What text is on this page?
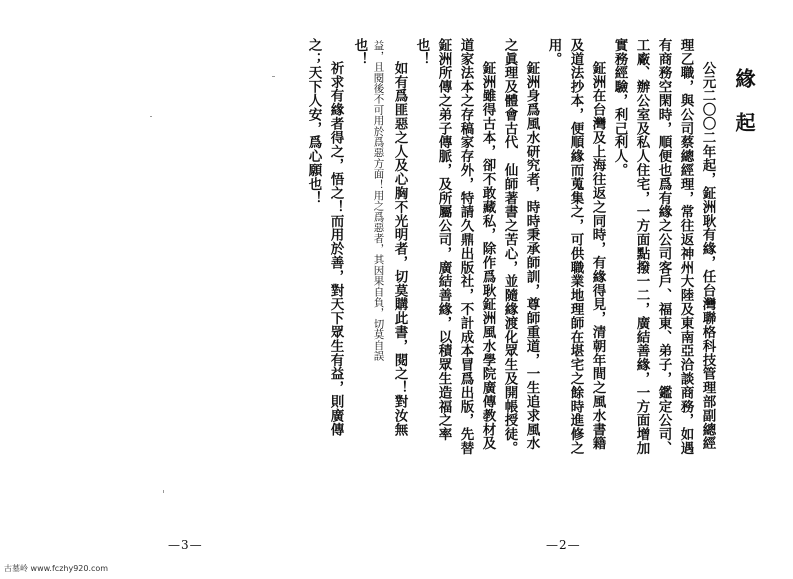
緣起
公元二〇〇二年起，鉦洲耿有緣，任台灣聯格科技管理部副總經
理乙職，與公司蔡總經理，常往返神州大陸及東南亞洽談商務，如遇
有商務空閑時，順便也爲有緣之公司客戶、福東、弟子，鑑定公司、
工廠、辦公室及私人住宅，一方面點撥一二，廣結善緣，一方面增加
實務經驗，利己利人。
鉦洲在台灣及上海往返之同時，有緣得見，清朝年間之風水書籍
及道法抄本，便順緣而蒐集之，可供職業地理師在堪宅之餘時進修之
用。
鉦洲身爲風水研究者，時時秉承師訓，尊師重道，一生追求風水
之眞理及體會古代　仙師著書之苦心，並隨緣渡化眾生及開帳授徒。
鉦洲雖得古本，卻不敢藏私，除作爲耿鉦洲風水學院廣傳教材及
道家法本之存稿家存外，特請久鼎出版社，不計成本冒爲出版，先替
鉦洲所傳之弟子傳脈，及所屬公司，廣結善緣，以積眾生造福之率
也！
如有爲匪惡之人及心胸不光明者，切莫購此書，閱之！對汝無
益，且閱後不可用於爲惡方面！用之爲惡者，其因果自負，切莫自誤
也！
祈求有緣者得之，悟之！而用於善，對天下眾生有益，則廣傳
之；天下人安，爲心願也！
—3—	—2—
古墓岭 www.fczhy920.com
